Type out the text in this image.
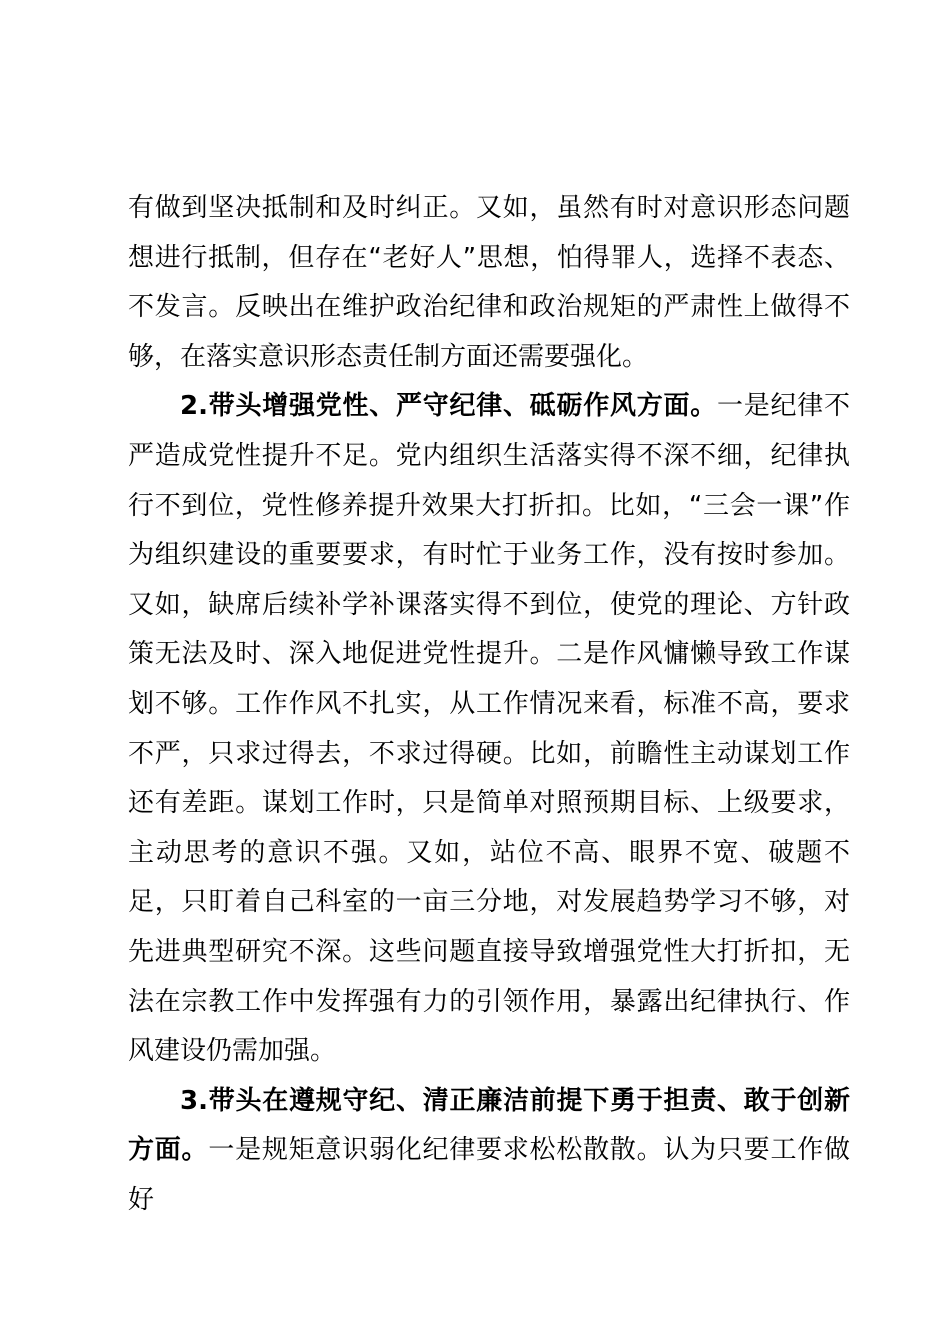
有做到坚决抵制和及时纠正。又如，虽然有时对意识形态问题想进行抵制，但存在“老好人”思想，怕得罪人，选择不表态、不发言。反映出在维护政治纪律和政治规矩的严肃性上做得不够，在落实意识形态责任制方面还需要强化。

2.带头增强党性、严守纪律、砥砺作风方面。一是纪律不严造成党性提升不足。党内组织生活落实得不深不细，纪律执行不到位，党性修养提升效果大打折扣。比如，“三会一课”作为组织建设的重要要求，有时忙于业务工作，没有按时参加。又如，缺席后续补学补课落实得不到位，使党的理论、方针政策无法及时、深入地促进党性提升。二是作风慵懒导致工作谋划不够。工作作风不扎实，从工作情况来看，标准不高，要求不严，只求过得去，不求过得硬。比如，前瞻性主动谋划工作还有差距。谋划工作时，只是简单对照预期目标、上级要求，主动思考的意识不强。又如，站位不高、眼界不宽、破题不足，只盯着自己科室的一亩三分地，对发展趋势学习不够，对先进典型研究不深。这些问题直接导致增强党性大打折扣，无法在宗教工作中发挥强有力的引领作用，暴露出纪律执行、作风建设仍需加强。

3.带头在遵规守纪、清正廉洁前提下勇于担责、敢于创新方面。一是规矩意识弱化纪律要求松松散散。认为只要工作做好
